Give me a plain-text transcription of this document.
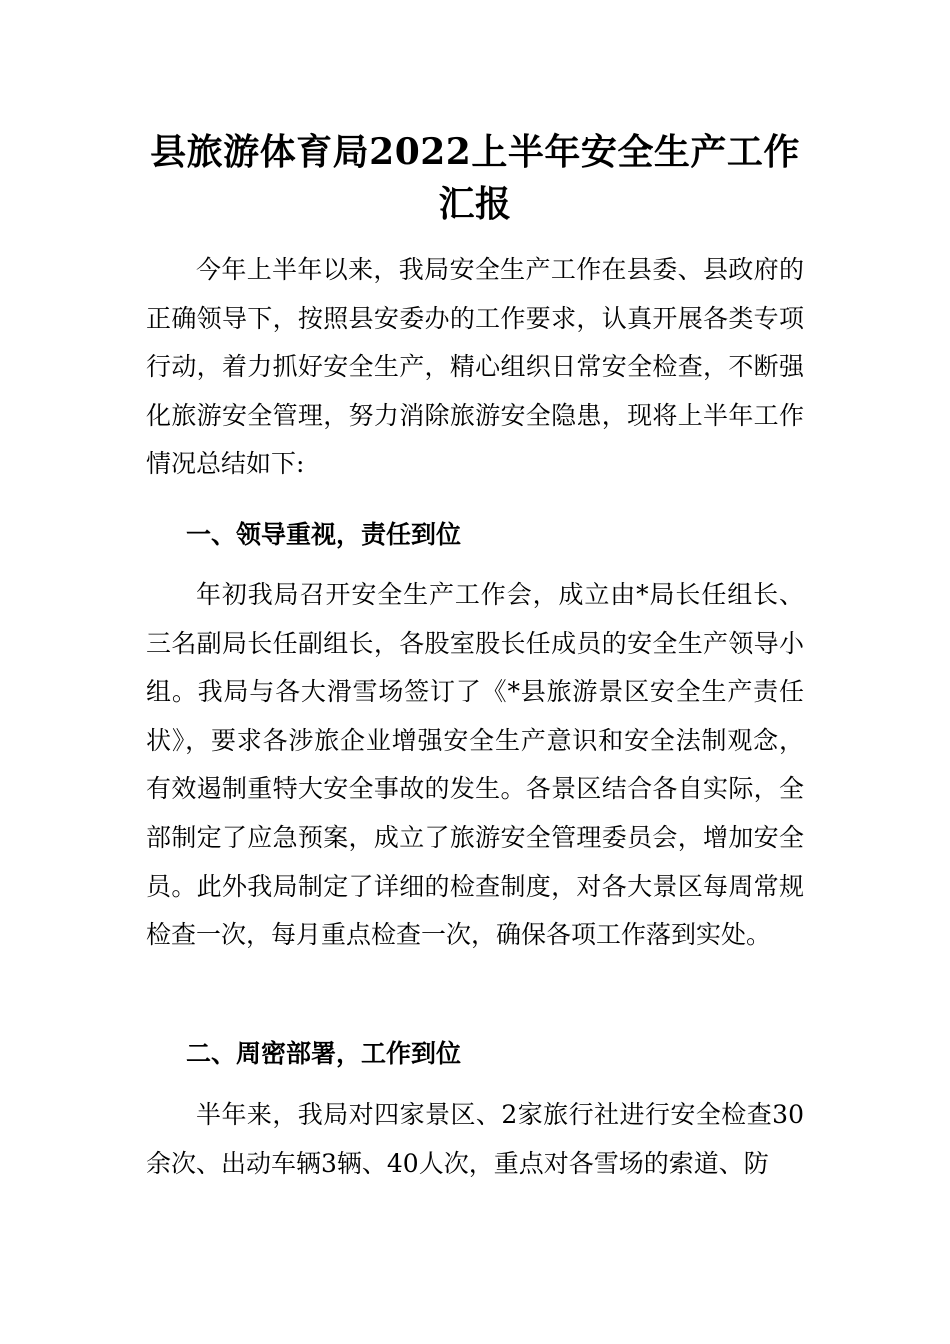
县旅游体育局2022上半年安全生产工作
汇报

今年上半年以来，我局安全生产工作在县委、县政府的正确领导下，按照县安委办的工作要求，认真开展各类专项行动，着力抓好安全生产，精心组织日常安全检查，不断强化旅游安全管理，努力消除旅游安全隐患，现将上半年工作情况总结如下:

一、领导重视，责任到位

年初我局召开安全生产工作会，成立由*局长任组长、三名副局长任副组长，各股室股长任成员的安全生产领导小组。我局与各大滑雪场签订了《*县旅游景区安全生产责任状》，要求各涉旅企业增强安全生产意识和安全法制观念，有效遏制重特大安全事故的发生。各景区结合各自实际，全部制定了应急预案，成立了旅游安全管理委员会，增加安全员。此外我局制定了详细的检查制度，对各大景区每周常规检查一次，每月重点检查一次，确保各项工作落到实处。

二、周密部署，工作到位

半年来，我局对四家景区、2家旅行社进行安全检查30余次、出动车辆3辆、40人次，重点对各雪场的索道、防
